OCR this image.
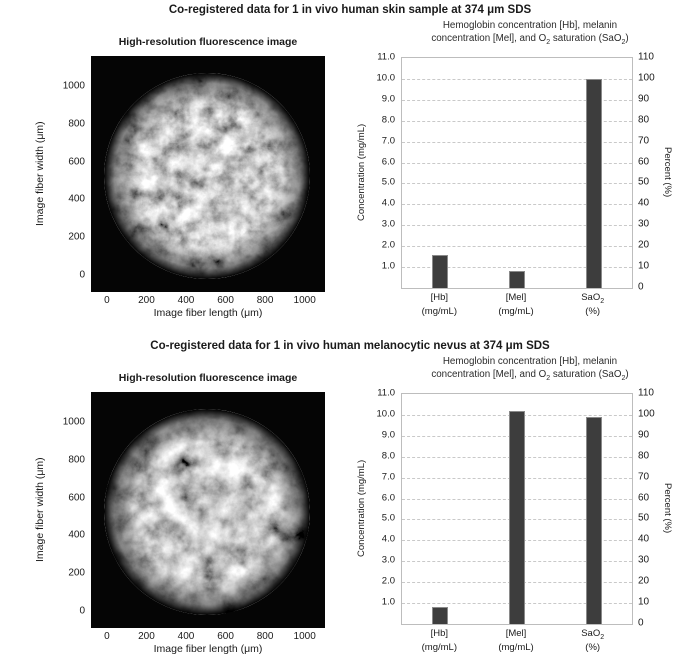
Co-registered data for 1 in vivo human skin sample at 374 μm SDS
High-resolution fluorescence image
1000
800
600
400
200
0
0	200 400 600 800 1000
Image fiber length (μm)
Image fiber width (μm)
Hemoglobin concentration [Hb], melanin
concentration [Mel], and $O_2$ saturation (SaO$_2$)
11.0
10.0
9.0
8.0
7.0
6.0
5.0
4.0
3.0
2.0
1.0
110
100
90
80
70
60
50
40
30
20
10
0
Concentration (mg/mL)	Percent (%)
[Hb]
(mg/mL)
[Mel]
(mg/mL)
SaO$_2$
(%)
Co-registered data for 1 in vivo human melanocytic nevus at 374 μm SDS
High-resolution fluorescence image
1000
800
600
400
200
0
0	200 400 600 800 1000
Image fiber length (μm)
Image fiber width (μm)
Hemoglobin concentration [Hb], melanin
concentration [Mel], and $O_2$ saturation (SaO$_2$)
11.0
10.0
9.0
8.0
7.0
6.0
5.0
4.0
3.0
2.0
1.0
110
100
90
80
70
60
50
40
30
20
10
0
Concentration (mg/mL)	Percent (%)
[Hb]
(mg/mL)
[Mel]
(mg/mL)
SaO$_2$
(%)
